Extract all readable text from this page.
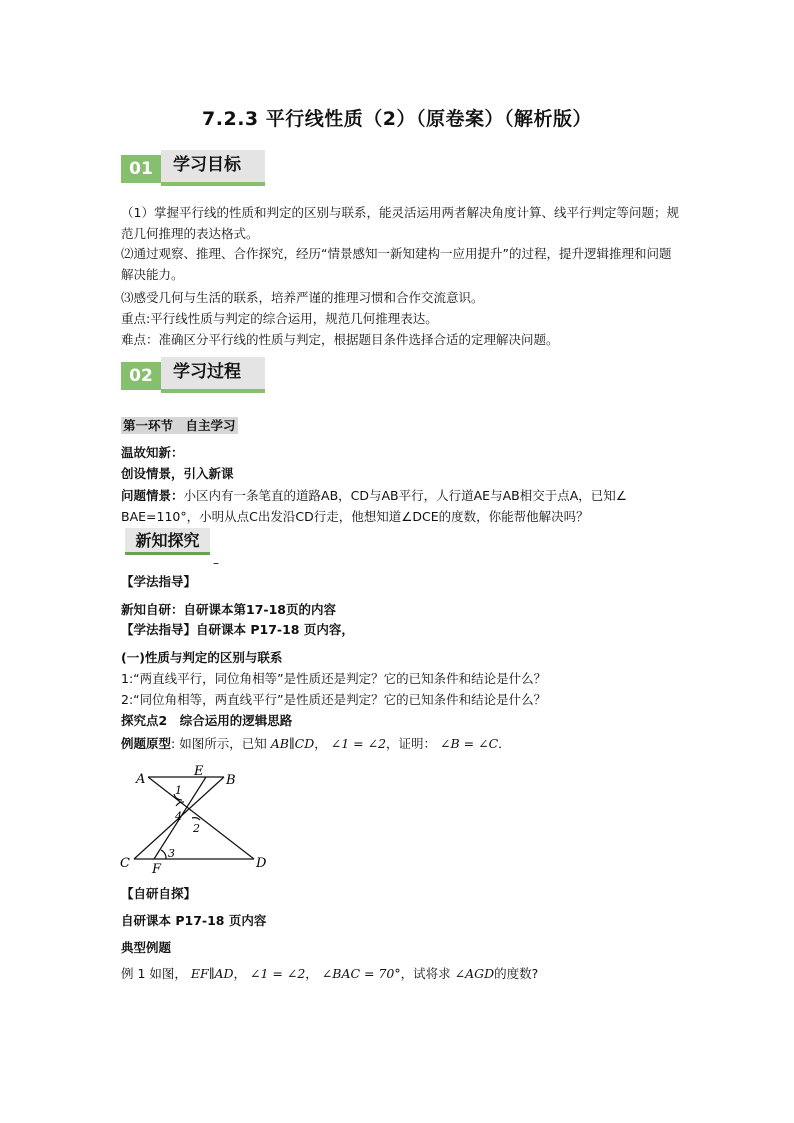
7.2.3 平行线性质（2）（原卷案）（解析版）
01	学习目标
（1）掌握平行线的性质和判定的区别与联系，能灵活运用两者解决角度计算、线平行判定等问题；规范几何推理的表达格式。
⑵通过观察、推理、合作探究，经历“情景感知一新知建构一应用提升”的过程，提升逻辑推理和问题解决能力。
⑶感受几何与生活的联系，培养严谨的推理习惯和合作交流意识。
重点:平行线性质与判定的综合运用，规范几何推理表达。
难点：准确区分平行线的性质与判定，根据题目条件选择合适的定理解决问题。
02	学习过程
第一环节　自主学习
温故知新：
创设情景，引入新课
问题情景：小区内有一条笔直的道路AB，CD与AB平行，人行道AE与AB相交于点A，已知∠
BAE=110°，小明从点C出发沿CD行走，他想知道∠DCE的度数，你能帮他解决吗？
新知探究
–
【学法指导】
新知自研：自研课本第17-18页的内容
【学法指导】自研课本 P17-18 页内容，
(一)性质与判定的区别与联系
1:“两直线平行，同位角相等”是性质还是判定？它的已知条件和结论是什么？
2:“同位角相等，两直线平行”是性质还是判定？它的已知条件和结论是什么？
探究点2　综合运用的逻辑思路
例题原型: 如图所示，已知 AB∥CD， ∠1 = ∠2，证明： ∠B = ∠C．
A
E
B
C F	D
1
4
2
3
【自研自探】
自研课本 P17-18 页内容
典型例题
例 1 如图， EF∥AD， ∠1 = ∠2， ∠BAC = 70°，试将求 ∠AGD的度数?
